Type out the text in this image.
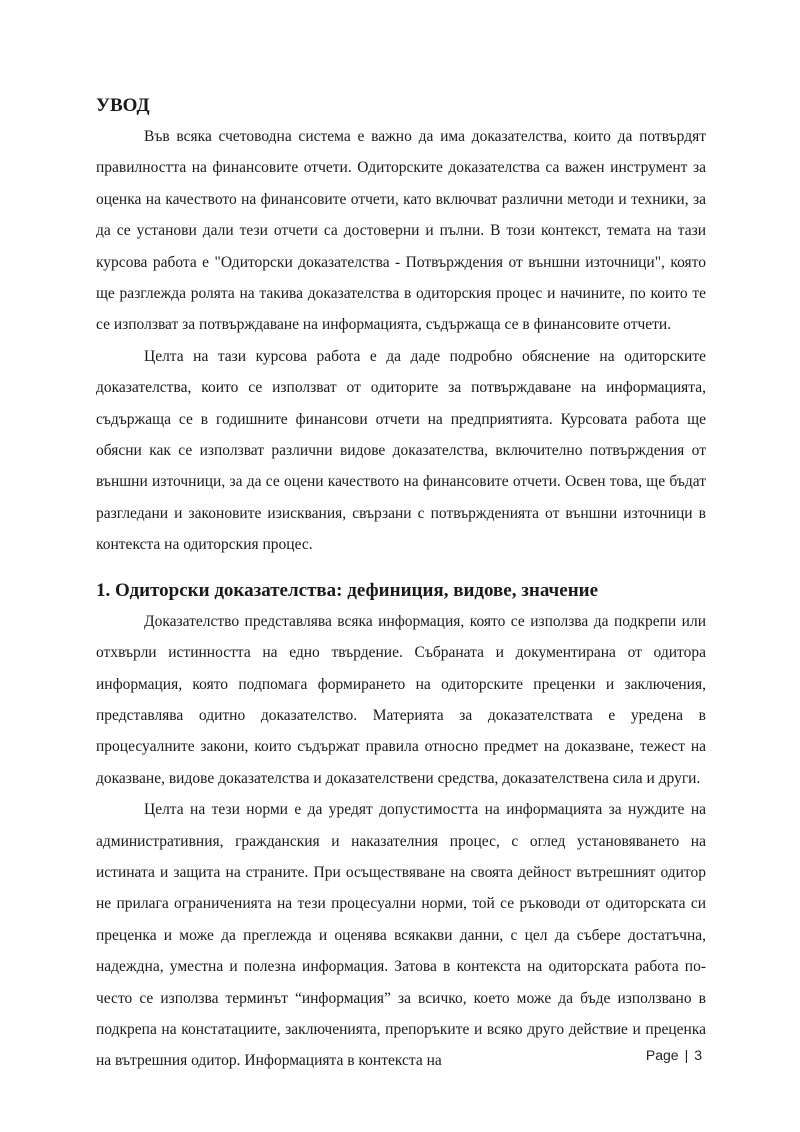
УВОД

Във всяка счетоводна система е важно да има доказателства, които да потвърдят правилността на финансовите отчети. Одиторските доказателства са важен инструмент за оценка на качеството на финансовите отчети, като включват различни методи и техники, за да се установи дали тези отчети са достоверни и пълни. В този контекст, темата на тази курсова работа е "Одиторски доказателства - Потвърждения от външни източници", която ще разглежда ролята на такива доказателства в одиторския процес и начините, по които те се използват за потвърждаване на информацията, съдържаща се в финансовите отчети.

Целта на тази курсова работа е да даде подробно обяснение на одиторските доказателства, които се използват от одиторите за потвърждаване на информацията, съдържаща се в годишните финансови отчети на предприятията. Курсовата работа ще обясни как се използват различни видове доказателства, включително потвърждения от външни източници, за да се оцени качеството на финансовите отчети. Освен това, ще бъдат разгледани и законовите изисквания, свързани с потвържденията от външни източници в контекста на одиторския процес.

1. Одиторски доказателства: дефиниция, видове, значение

Доказателство представлява всяка информация, която се използва да подкрепи или отхвърли истинността на едно твърдение. Събраната и документирана от одитора информация, която подпомага формирането на одиторските преценки и заключения, представлява одитно доказателство. Материята за доказателствата е уредена в процесуалните закони, които съдържат правила относно предмет на доказване, тежест на доказване, видове доказателства и доказателствени средства, доказателствена сила и други.

Целта на тези норми е да уредят допустимостта на информацията за нуждите на административния, гражданския и наказателния процес, с оглед установяването на истината и защита на страните. При осъществяване на своята дейност вътрешният одитор не прилага ограниченията на тези процесуални норми, той се ръководи от одиторската си преценка и може да преглежда и оценява всякакви данни, с цел да събере достатъчна, надеждна, уместна и полезна информация. Затова в контекста на одиторската работа по-често се използва терминът “информация” за всичко, което може да бъде използвано в подкрепа на констатациите, заключенията, препоръките и всяко друго действие и преценка на вътрешния одитор. Информацията в контекста на	Page | 3
